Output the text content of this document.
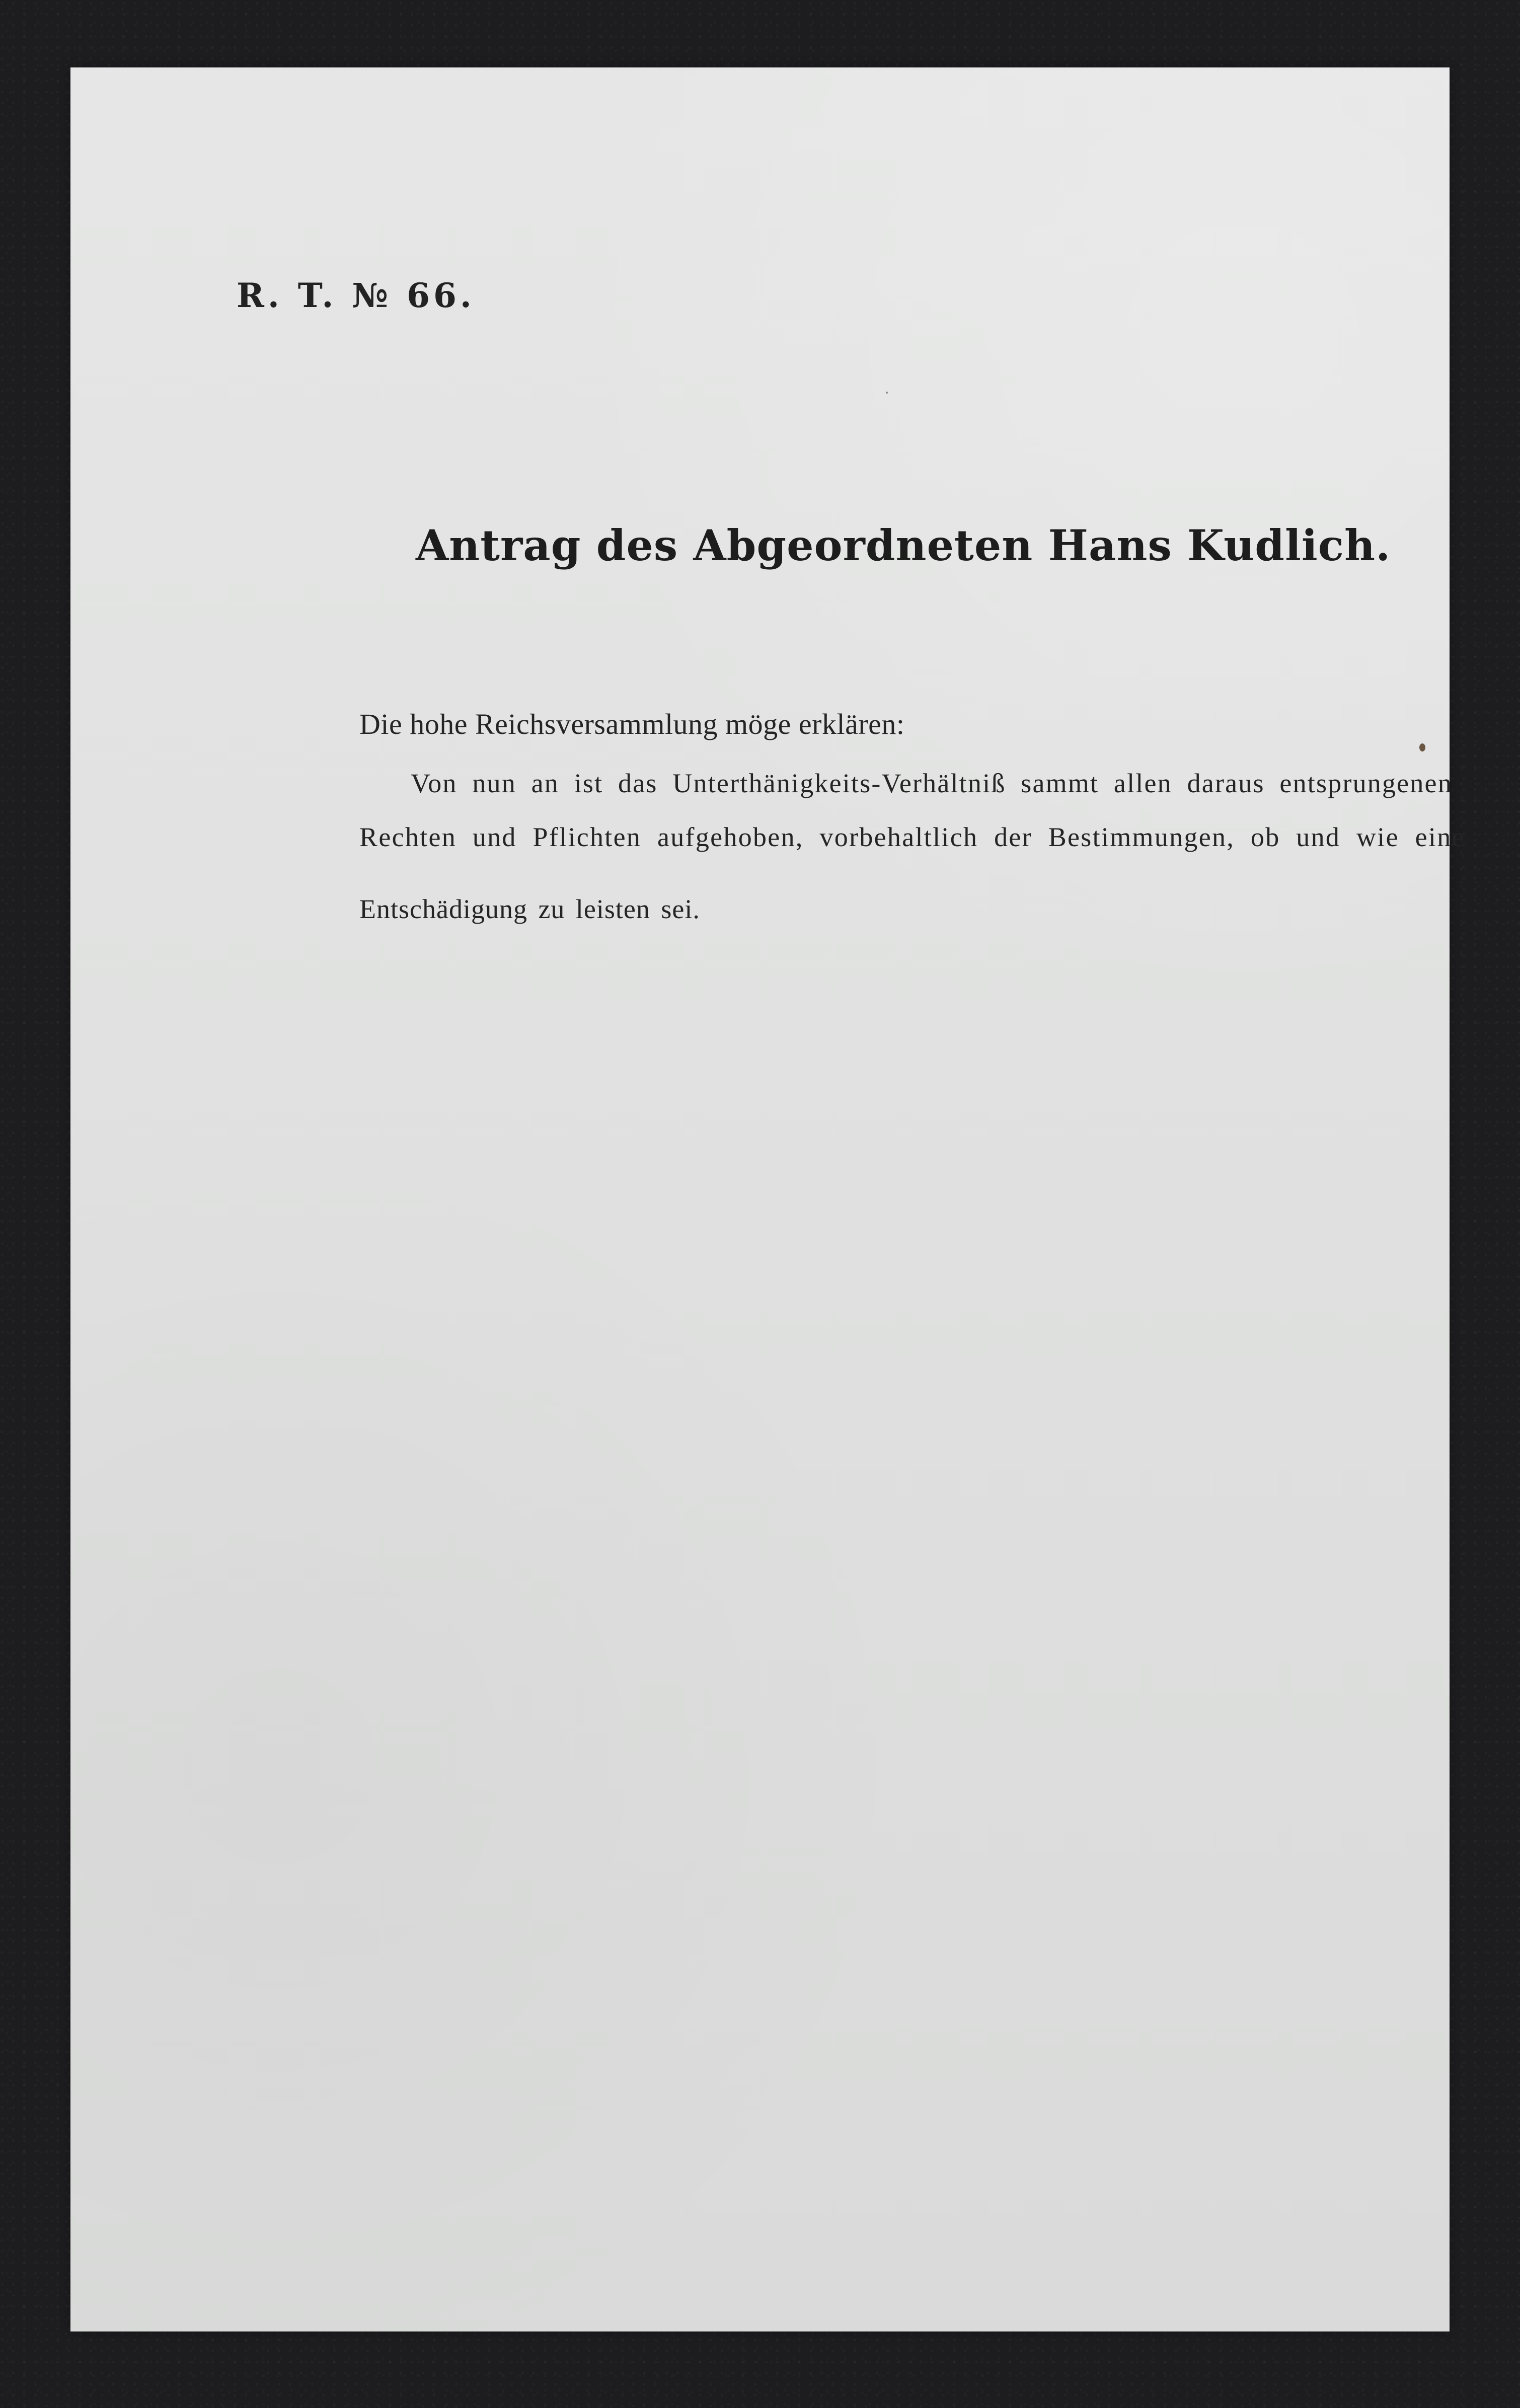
R. T. № 66.
Antrag des Abgeordneten Hans Kudlich.
Die hohe Reichsversammlung möge erklären:
Von nun an ist das Unterthänigkeits-Verhältniß sammt allen daraus entsprungenen
Rechten und Pflichten aufgehoben, vorbehaltlich der Bestimmungen, ob und wie eine
Entschädigung zu leisten sei.
